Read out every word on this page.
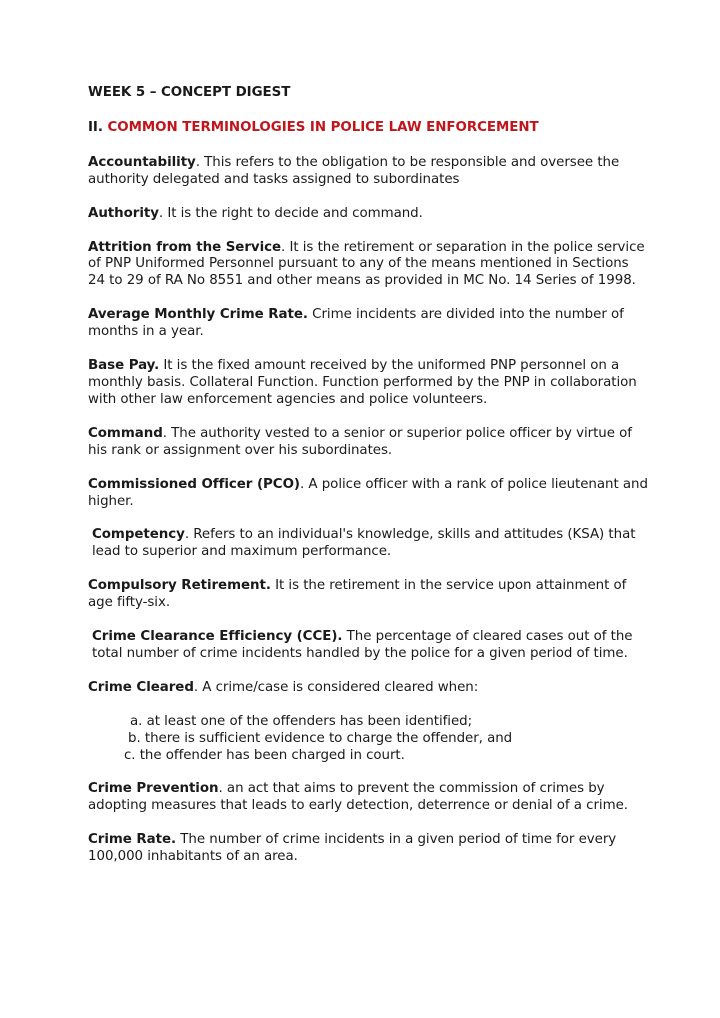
WEEK 5 – CONCEPT DIGEST
II. COMMON TERMINOLOGIES IN POLICE LAW ENFORCEMENT
Accountability. This refers to the obligation to be responsible and oversee the authority delegated and tasks assigned to subordinates
Authority. It is the right to decide and command.
Attrition from the Service. It is the retirement or separation in the police service of PNP Uniformed Personnel pursuant to any of the means mentioned in Sections 24 to 29 of RA No 8551 and other means as provided in MC No. 14 Series of 1998.
Average Monthly Crime Rate. Crime incidents are divided into the number of months in a year.
Base Pay. It is the fixed amount received by the uniformed PNP personnel on a monthly basis. Collateral Function. Function performed by the PNP in collaboration with other law enforcement agencies and police volunteers.
Command. The authority vested to a senior or superior police officer by virtue of his rank or assignment over his subordinates.
Commissioned Officer (PCO). A police officer with a rank of police lieutenant and higher.
Competency. Refers to an individual's knowledge, skills and attitudes (KSA) that lead to superior and maximum performance.
Compulsory Retirement. It is the retirement in the service upon attainment of age fifty-six.
Crime Clearance Efficiency (CCE). The percentage of cleared cases out of the total number of crime incidents handled by the police for a given period of time.
Crime Cleared. A crime/case is considered cleared when:
a. at least one of the offenders has been identified;
b. there is sufficient evidence to charge the offender, and
c. the offender has been charged in court.
Crime Prevention. an act that aims to prevent the commission of crimes by adopting measures that leads to early detection, deterrence or denial of a crime.
Crime Rate. The number of crime incidents in a given period of time for every 100,000 inhabitants of an area.
